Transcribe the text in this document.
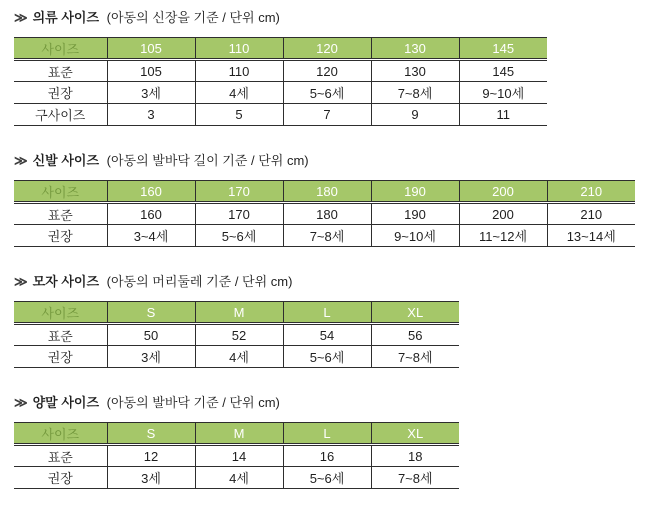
≫ 의류 사이즈 (아동의 신장을 기준 / 단위 cm)
사이즈	105	110	120	130	145
표준	105	110	120	130	145
권장	3세	4세	5~6세	7~8세	9~10세
구사이즈	3	5	7	9	11
≫ 신발 사이즈 (아동의 발바닥 길이 기준 / 단위 cm)
사이즈	160	170	180	190	200	210
표준	160	170	180	190	200	210
권장	3~4세	5~6세	7~8세	9~10세	11~12세	13~14세
≫ 모자 사이즈 (아동의 머리둘레 기준 / 단위 cm)
사이즈	S	M	L	XL
표준	50	52	54	56
권장	3세	4세	5~6세	7~8세
≫ 양말 사이즈 (아동의 발바닥 기준 / 단위 cm)
사이즈	S	M	L	XL
표준	12	14	16	18
권장	3세	4세	5~6세	7~8세
